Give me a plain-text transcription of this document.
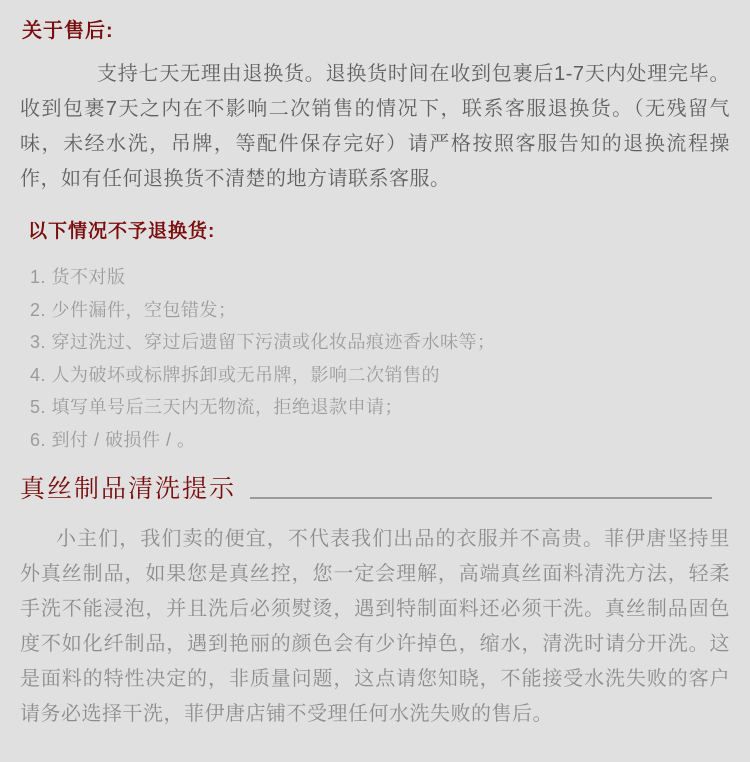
关于售后:

支持七天无理由退换货。退换货时间在收到包裹后1-7天内处理完毕。收到包裹7天之内在不影响二次销售的情况下，联系客服退换货。（无残留气味，未经水洗，吊牌，等配件保存完好）请严格按照客服告知的退换流程操作，如有任何退换货不清楚的地方请联系客服。

以下情况不予退换货:
1. 货不对版
2. 少件漏件，空包错发；
3. 穿过洗过、穿过后遗留下污渍或化妆品痕迹香水味等；
4. 人为破坏或标牌拆卸或无吊牌，影响二次销售的
5. 填写单号后三天内无物流，拒绝退款申请；
6. 到付 / 破损件 / 。
真丝制品清洗提示

小主们，我们卖的便宜，不代表我们出品的衣服并不高贵。菲伊唐坚持里外真丝制品，如果您是真丝控，您一定会理解，高端真丝面料清洗方法，轻柔手洗不能浸泡，并且洗后必须熨烫，遇到特制面料还必须干洗。真丝制品固色度不如化纤制品，遇到艳丽的颜色会有少许掉色，缩水，清洗时请分开洗。这是面料的特性决定的，非质量问题，这点请您知晓，不能接受水洗失败的客户请务必选择干洗，菲伊唐店铺不受理任何水洗失败的售后。
